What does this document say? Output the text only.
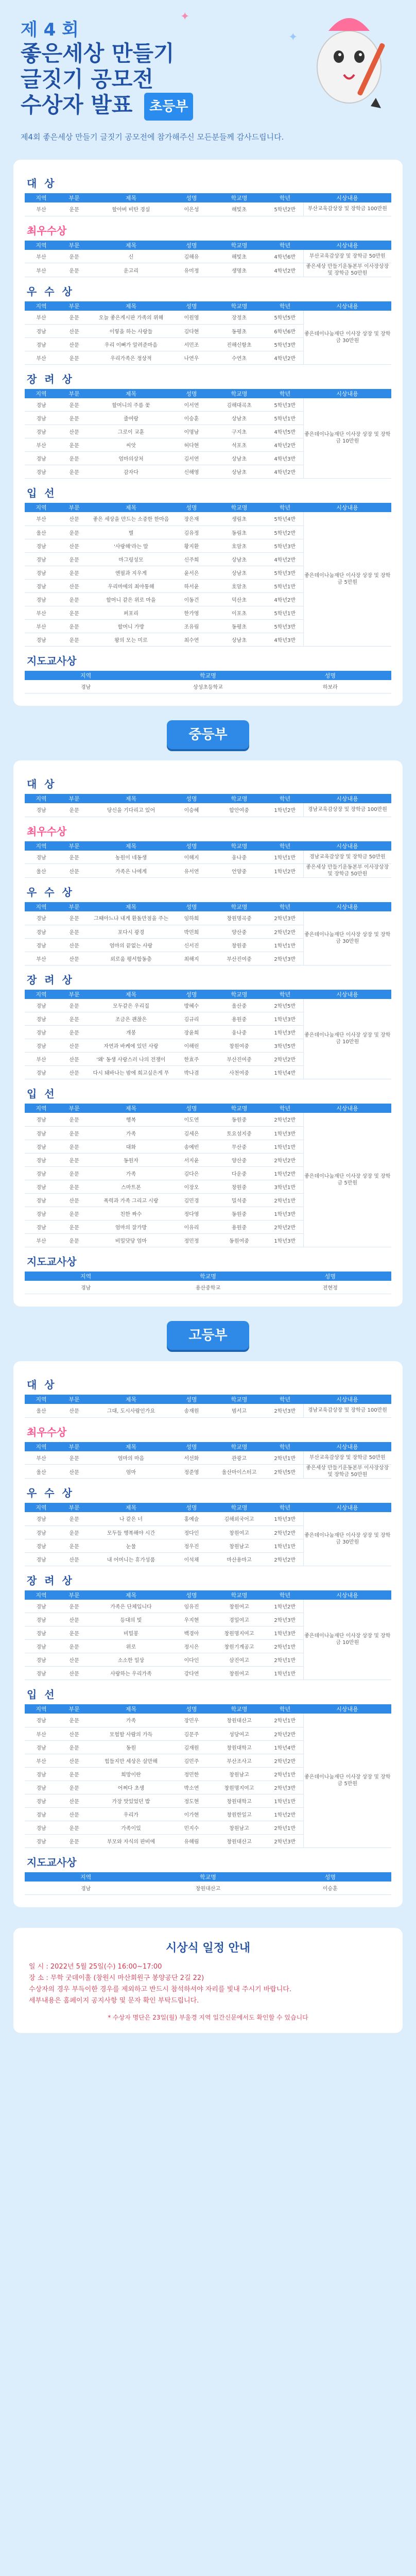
제 4 회
좋은세상 만들기
글짓기 공모전
수상자 발표 초등부
제4회 좋은세상 만들기 글짓기 공모전에 참가해주신 모든분들께 감사드립니다.
✦
✦
대 상
지역	부문	제목	성명	학교명	학년	시상내용
부산	운문	할아버 비탄 경실	이은성	해빛초	5학년2반	부산교육감상장 및 장학금 100만원
최우수상
지역	부문	제목	성명	학교명	학년	시상내용
부산	운문	신	김해유	해빛초	4학년6반	부산교육감상장 및 장학금 50만원
부산	운문	운고리	유미정	생명초	4학년2반	좋은세상 만들기운동본부 이사장상장 및 장학금 50만원
우 수 상
지역	부문	제목	성명	학교명	학년	시상내용
부산	운문	오늘 좋은게시판 가족의 위해	이원영	장정초	5학년5반	좋은데이나눔재단 이사장 상장 및 장학금 30만원
경남	산문	이렇을 하는 사랑들	김다현	동평초	6학년6반	
경남	산문	우리 이뻐가 알려준마음	서민조	진해신항초	5학년3반	
부산	운문	우리가족은 정상적	나연우	수연초	4학년2반	
장 려 상
지역	부문	제목	성명	학교명	학년	시상내용
경남	운문	할머니의 주름 꽃	이서연	김해대곡초	5학년3반	좋은데이나눔재단 이사장 상장 및 장학금 10만원
경남	운문	줄여랑	이승훈	상남초	5학년1반	
경남	산문	그로이 교훈	이명남	구지초	4학년5반	
부산	운문	씨앗	허다현	석포초	4학년2반	
경남	운문	엄마의상처	김서연	상남초	4학년3반	
경남	운문	감자다	신해영	상남초	4학년2반	
입 선
지역	부문	제목	성명	학교명	학년	시상내용
부산	산문	좋은 세상을 만드는 소중한 한마음	장은재	생림초	5학년4반	좋은데이나눔재단 이사장 상장 및 장학금 5만원
울산	운문	별	김유정	동림초	5학년2반	
경남	산문	'사랑해'라는 말	황지환	호암초	5학년3반	
경남	운문	마그링성모	신주희	상남초	4학년2반	
경남	운문	엔필과 지우게	윤서은	상남초	5학년3반	
경남	산문	우리마에의 최야통해	하서윤	호암초	5학년1반	
경남	운문	할머니 같은 위로 마을	이동건	덕산초	4학년2반	
부산	운문	퍼포리	한가영	이포초	5학년1반	
부산	운문	할머니 가방	조유림	동평초	5학년3반	
경남	운문	왕의 모는 미로	최수연	상남초	4학년3반	
지도교사상
지역	학교명	성명
경남	상성초등학교	하보라
중등부
대 상
지역	부문	제목	성명	학교명	학년	시상내용
경남	운문	당신을 기다리고 있어	이승혜	합안여중	1학년2반	경남교육감상장 및 장학금 100만원
최우수상
지역	부문	제목	성명	학교명	학년	시상내용
경남	운문	농원이 네동생	이해지	웅나중	1학년1반	경남교육감상장 및 장학금 50만원
울산	산문	가족은 나에게	유서연	언양중	1학년2반	좋은세상 만들기운동본부 이사장상장 및 장학금 50만원
우 수 상
지역	부문	제목	성명	학교명	학년	시상내용
경남	운문	그때아느냐 내게 환돌만점을 주는	임하희	창원명곡중	2학년3반	좋은데이나눔재단 이사장 상장 및 장학금 30만원
경남	운문	포다시 광경	박민희	양산중	2학년2반	
경남	산문	엄마의 끝없는 사랑	신서진	창원중	1학년1반	
부산	산문	외로움 평서함동층	최해지	부산진여중	2학년3반	
장 려 상
지역	부문	제목	성명	학교명	학년	시상내용
경남	운문	모두같은 우리집	방혜수	울산중	2학년5반	좋은데이나눔재단 이사장 상장 및 장학금 10만원
경남	운문	조금은 괜찮은	김규리	용원중	1학년3반	
경남	운문	개봉	장윤희	웅나중	1학년3반	
경남	산문	자연과 바케에 있던 사랑	이해린	창원여중	3학년5반	
부산	산문	'왜' 동생 사랑스러 나의 전쟁이	한효주	부산진여중	2학년2반	
경남	산문	다시 돼바나는 밤에 희고싶은게 무	박나겸	사천여중	1학년4반	
입 선
지역	부문	제목	성명	학교명	학년	시상내용
경남	운문	행복	이도연	동원중	2학년2반	좋은데이나눔재단 이사장 상장 및 장학금 5만원
경남	운문	가족	김세은	토요섬지중	1학년3반	
경남	운문	대화	송예빈	무산중	1학년1반	
경남	운문	동원자	서지윤	양산중	2학년2반	
경남	운문	가족	김다은	다운중	1학년2반	
경남	운문	스마트폰	이장오	창원중	3학년1반	
경남	산문	폭력과 가족 그리고 시랑	김민경	밀석중	2학년1반	
경남	운문	친한 짜수	정다영	동원중	1학년3반	
경남	운문	엄마의 잘가방	이유리	용원중	2학년2반	
부산	운문	비밀닷당 엄마	정민정	동원여중	1학년3반	
지도교사상
지역	학교명	성명
경남	용산중학교	전현정
고등부
대 상
지역	부문	제목	성명	학교명	학년	시상내용
울산	산문	그대, 도시사람인가요	송재원	범서고	2학년3반	경남교육감상장 및 장학금 100만원
최우수상
지역	부문	제목	성명	학교명	학년	시상내용
부산	운문	엄마의 마음	서선화	관광고	2학년1반	부산교육감상장 및 장학금 50만원
울산	산문	엄마	정준영	울산마이스터고	2학년5반	좋은세상 만들기운동본부 이사장상장 및 장학금 50만원
우 수 상
지역	부문	제목	성명	학교명	학년	시상내용
경남	운문	나 같은 너	홍예슬	김해외국어고	1학년3반	좋은데이나눔재단 이사장 상장 및 장학금 30만원
경남	운문	모두들 행복해야 시간	정다인	창원여고	2학년2반	
경남	운문	눈물	정우진	창원남고	1학년1반	
경남	산문	내 어머니는 휴가성품	이석채	마산용마고	2학년2반	
장 려 상
지역	부문	제목	성명	학교명	학년	시상내용
경남	운문	가족은 단체입니다	임유진	창원여고	1학년2반	좋은데이나눔재단 이사장 상장 및 장학금 10만원
경남	산문	등대의 빛	우지현	경일여고	2학년3반	
경남	운문	비밀봉	백경아	창원명지여고	1학년3반	
경남	운문	위로	정시은	창원기계공고	2학년1반	
경남	산문	소소한 일상	이다인	삼진여고	2학년1반	
경남	산문	사랑하는 우리가족	강다연	창원여고	1학년1반	
입 선
지역	부문	제목	성명	학교명	학년	시상내용
경남	운문	가족	장민우	창원대산고	2학년1반	좋은데이나눔재단 이사장 상장 및 장학금 5만원
부산	산문	모험할 사람의 가득	김문주	성당여고	2학년2반	
경남	운문	동원	김재원	창원대학고	1학년4반	
부산	산문	힘들지만 세상은 살만해	김민주	부산조사고	2학년2반	
경남	운문	희망이란	정민한	창원남고	2학년1반	
경남	운문	어쩌다 초생	박소연	창원명지여고	2학년3반	
경남	산문	가장 맛있었던 밥	정도현	창원대학고	1학년1반	
경남	산문	우리가	이가현	창원한일고	1학년2반	
경남	운문	가족이있	민지수	창원남고	2학년1반	
경남	운문	부모와 자식의 판비에	유해림	창원대산고	2학년3반	
지도교사상
지역	학교명	성명
경남	창원대산고	이승훈
시상식 일정 안내

일 시 : 2022년 5월 25일(수) 16:00~17:00

장 소 : 무학 굿데이홀 (창원시 마산회원구 봉양공단 2길 22)

수상자의 경우 부득이한 경우를 제외하고 반드시 참석하셔야 자리를 빛내 주시기 바랍니다.

세부내용은 홈페이지 공지사항 및 문자 확인 부탁드립니다.

* 수상자 명단은 23일(월) 부울경 지역 일간신문에서도 확인할 수 있습니다
